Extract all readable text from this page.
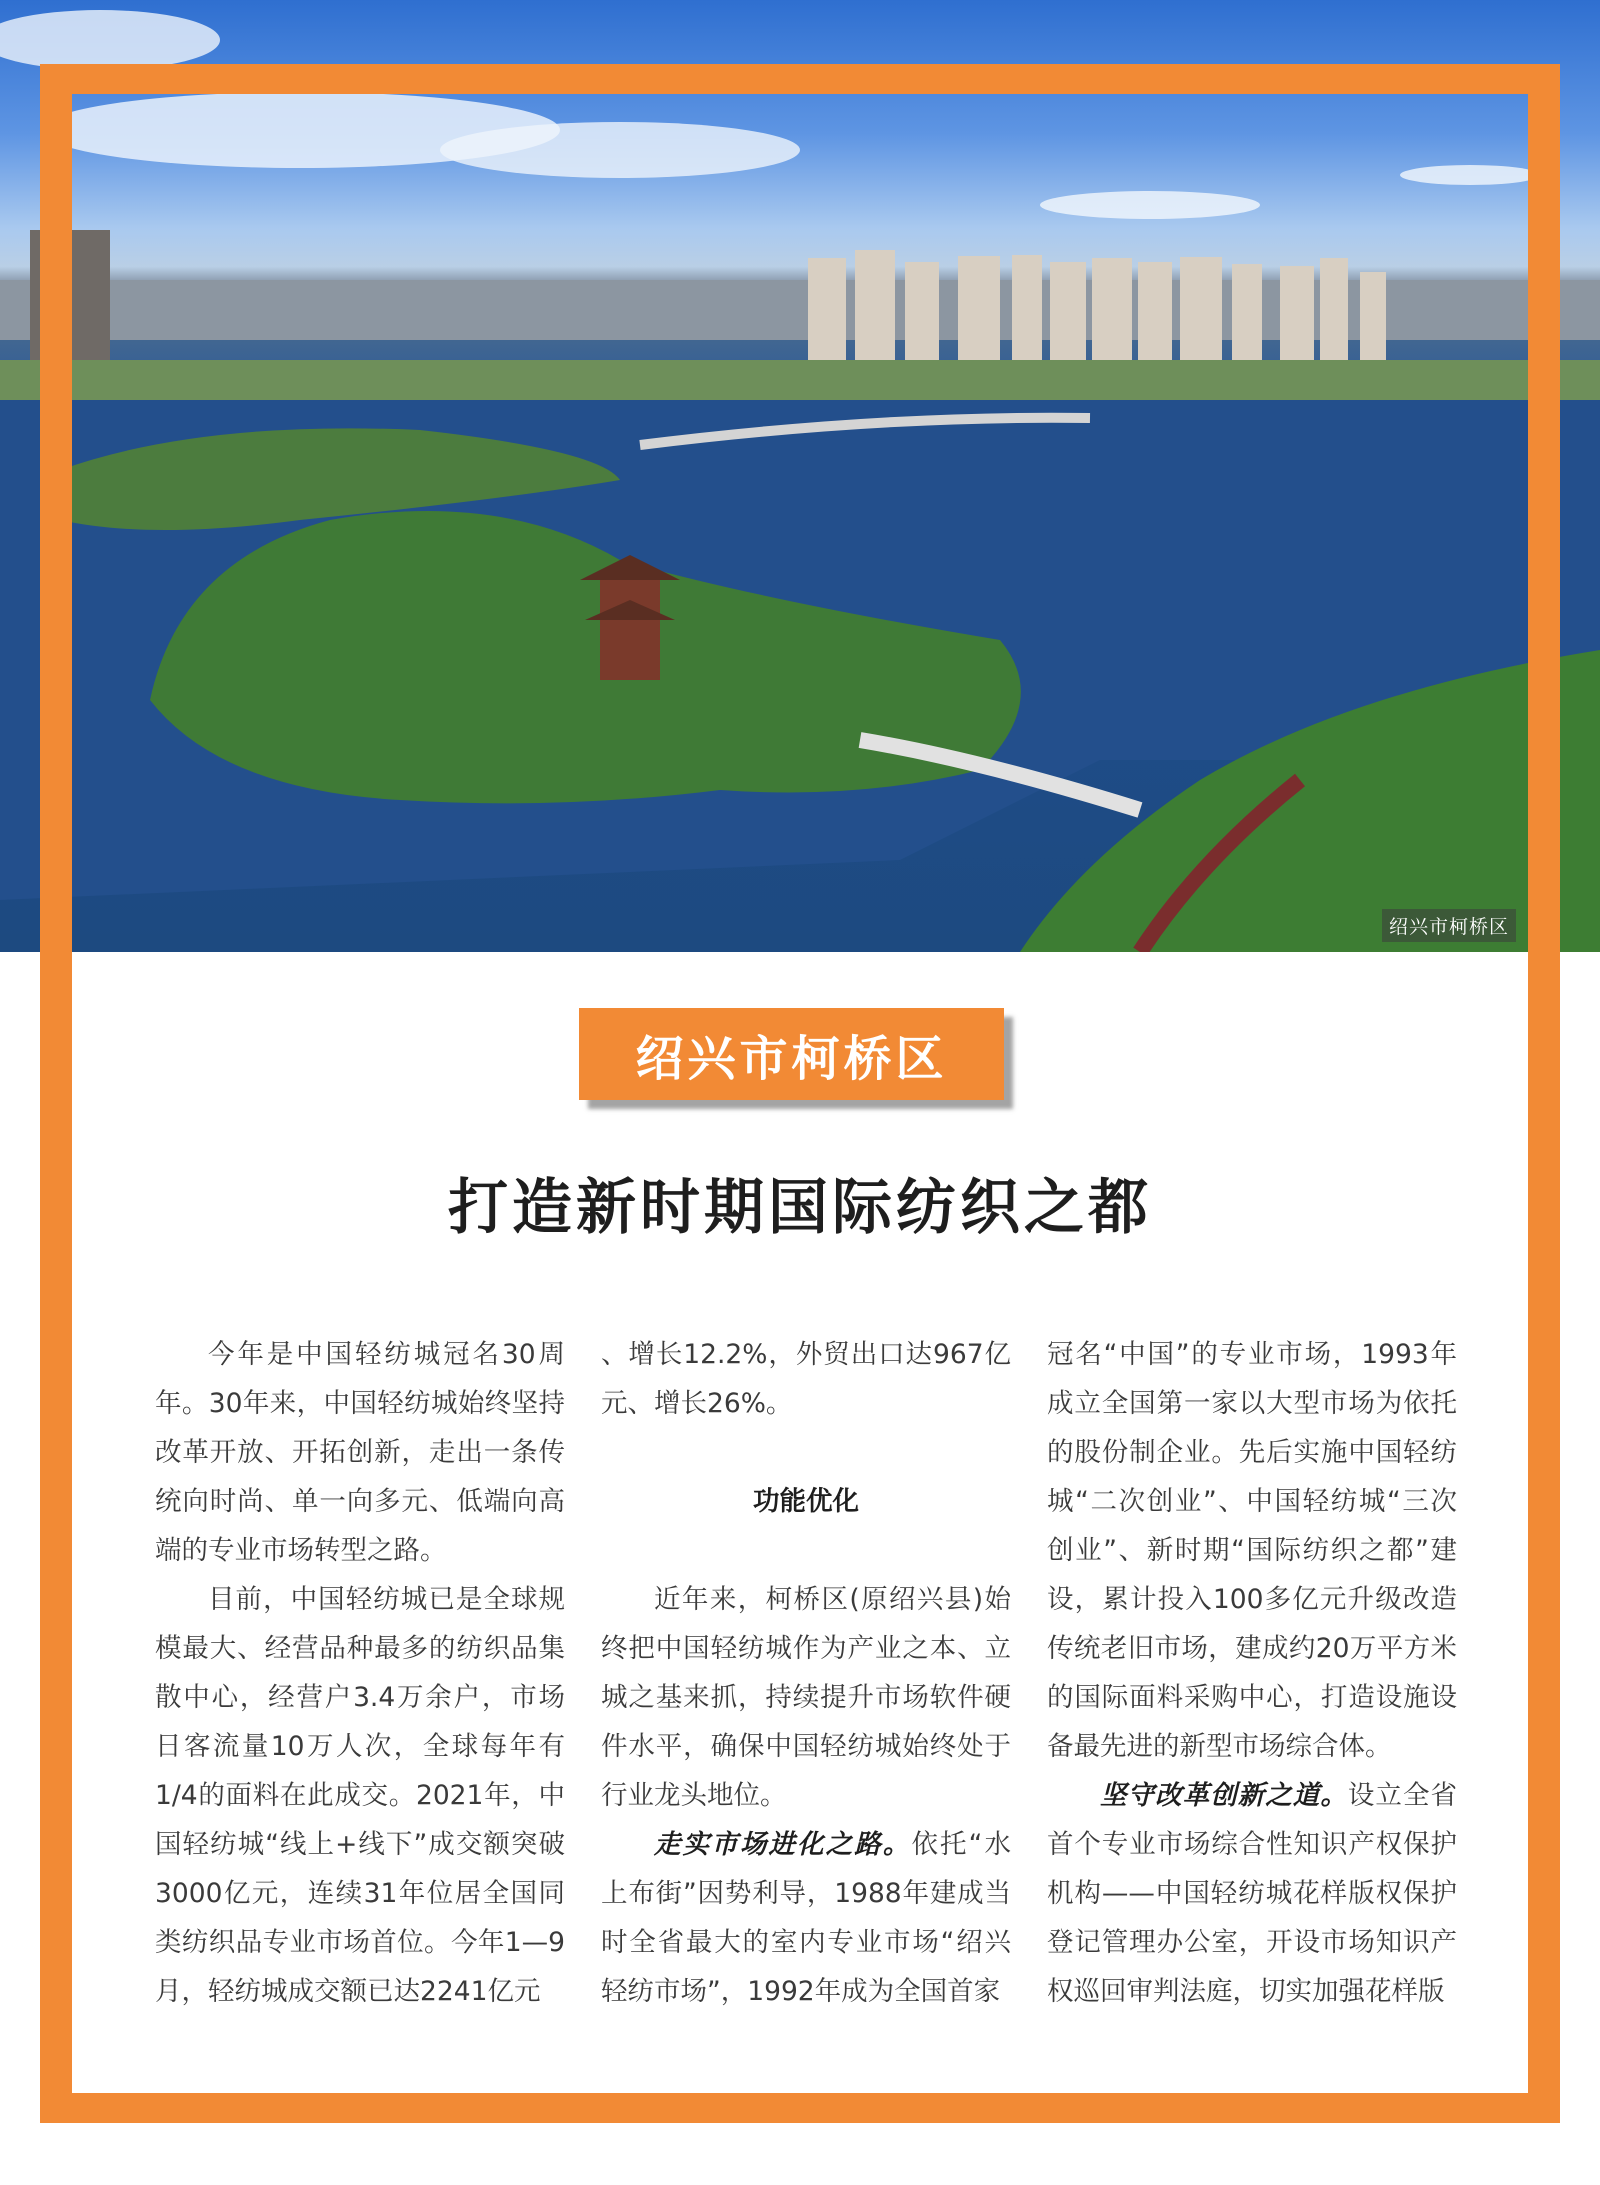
绍兴市柯桥区
绍兴市柯桥区
打造新时期国际纺织之都

今年是中国轻纺城冠名30周年。30年来，中国轻纺城始终坚持改革开放、开拓创新，走出一条传统向时尚、单一向多元、低端向高端的专业市场转型之路。

目前，中国轻纺城已是全球规模最大、经营品种最多的纺织品集散中心，经营户3.4万余户，市场日客流量10万人次，全球每年有1/4的面料在此成交。2021年，中国轻纺城“线上+线下”成交额突破3000亿元，连续31年位居全国同类纺织品专业市场首位。今年1—9月，轻纺城成交额已达2241亿元

、增长12.2%，外贸出口达967亿元、增长26%。

功能优化

近年来，柯桥区(原绍兴县)始终把中国轻纺城作为产业之本、立城之基来抓，持续提升市场软件硬件水平，确保中国轻纺城始终处于行业龙头地位。

走实市场进化之路。依托“水上布街”因势利导，1988年建成当时全省最大的室内专业市场“绍兴轻纺市场”，1992年成为全国首家

冠名“中国”的专业市场，1993年成立全国第一家以大型市场为依托的股份制企业。先后实施中国轻纺城“二次创业”、中国轻纺城“三次创业”、新时期“国际纺织之都”建设，累计投入100多亿元升级改造传统老旧市场，建成约20万平方米的国际面料采购中心，打造设施设备最先进的新型市场综合体。

坚守改革创新之道。设立全省首个专业市场综合性知识产权保护机构——中国轻纺城花样版权保护登记管理办公室，开设市场知识产权巡回审判法庭，切实加强花样版
